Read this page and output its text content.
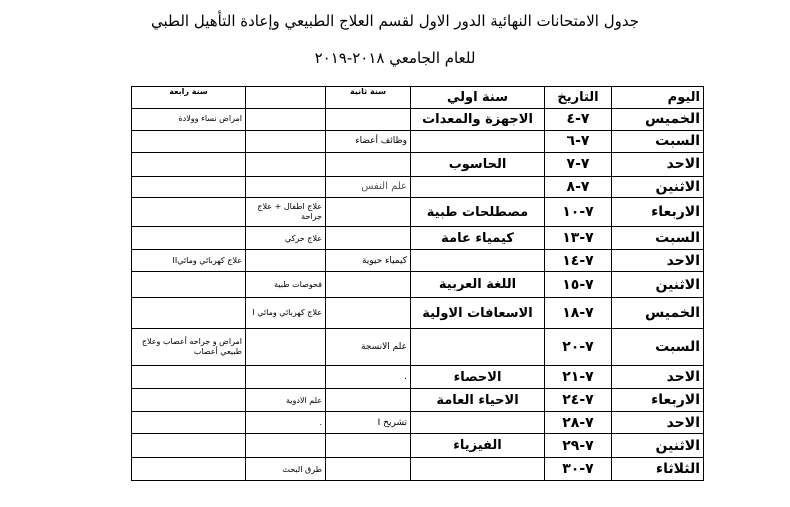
جدول الامتحانات النهائية الدور الاول لقسم العلاج الطبيعي وإعادة التأهيل الطبي
للعام الجامعي ٢٠١٨-٢٠١٩
اليوم	التاريخ	سنة اولي	سنة ثانية		سنة رابعة
الخميس	٧-٤	الاجهزة والمعدات			امراض نساء وولادة
السبت	٧-٦		وظائف أعضاء		
الاحد	٧-٧	الحاسوب			
الاثنين	٧-٨		علم النفس		
الاربعاء	٧-١٠	مصطلحات طبية		علاج اطفال + علاج جراحة	
السبت	٧-١٣	كيمياء عامة		علاج حركي	
الاحد	٧-١٤		كيمياء حيوية		علاج كهربائي ومائيII
الاثنين	٧-١٥	اللغة العربية		فحوصات طبية	
الخميس	٧-١٨	الاسعافات الاولية		علاج كهربائي ومائي I	
السبت	٧-٢٠		علم الانسجة		امراض و جراحه أعصاب وعلاج طبيعي أعصاب
الاحد	٧-٢١	الاحصاء	.		
الاربعاء	٧-٢٤	الاحياء العامة		علم الادوية	
الاحد	٧-٢٨		تشريح I	.	
الاثنين	٧-٢٩	الفيزياء			
الثلاثاء	٧-٣٠			طرق البحث	
